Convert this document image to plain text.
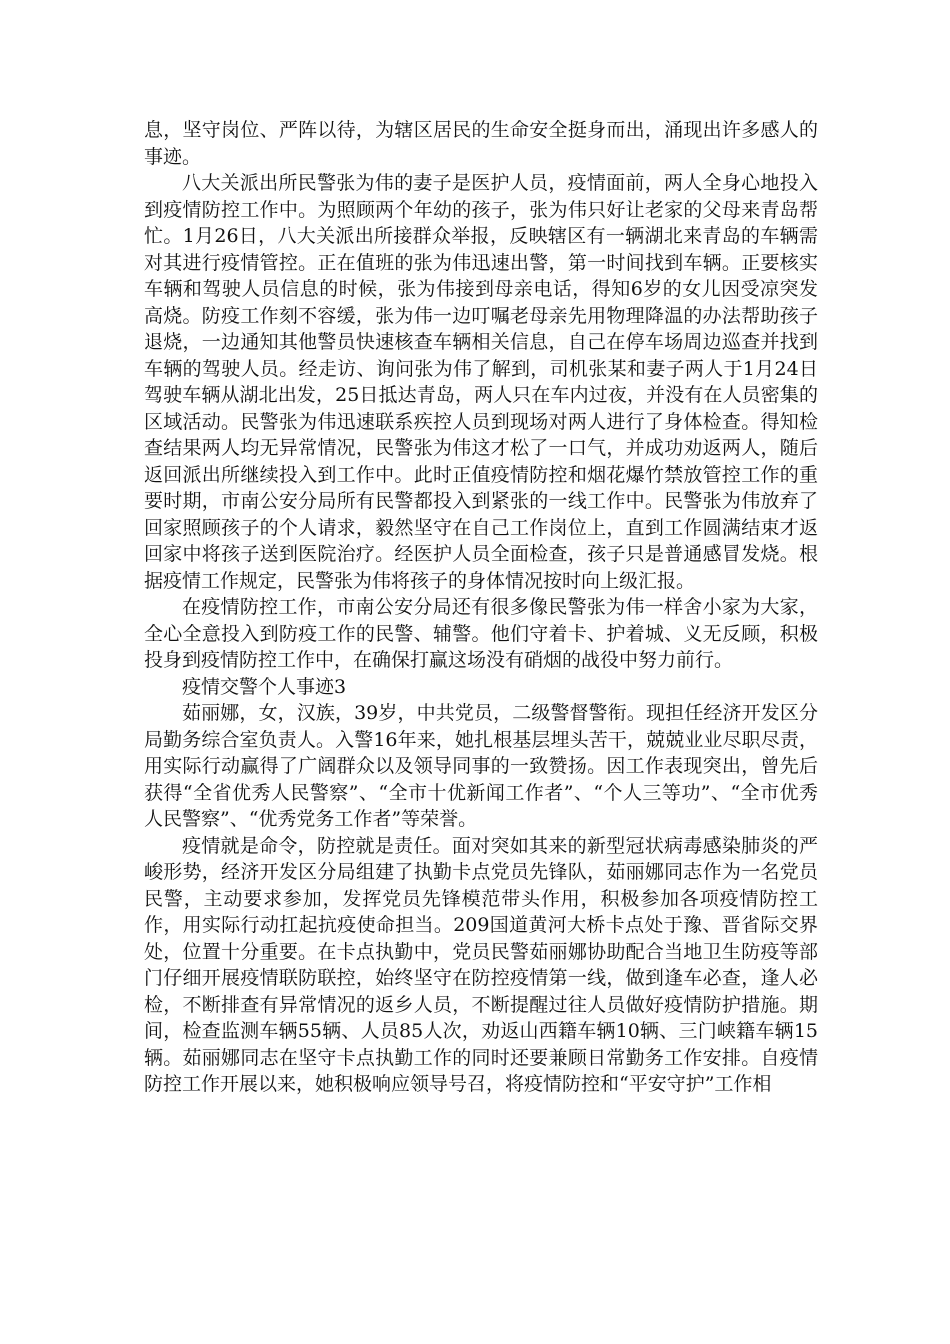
息，坚守岗位、严阵以待，为辖区居民的生命安全挺身而出，涌现出许多感人的事迹。

八大关派出所民警张为伟的妻子是医护人员，疫情面前，两人全身心地投入到疫情防控工作中。为照顾两个年幼的孩子，张为伟只好让老家的父母来青岛帮忙。1月26日，八大关派出所接群众举报，反映辖区有一辆湖北来青岛的车辆需对其进行疫情管控。正在值班的张为伟迅速出警，第一时间找到车辆。正要核实车辆和驾驶人员信息的时候，张为伟接到母亲电话，得知6岁的女儿因受凉突发高烧。防疫工作刻不容缓，张为伟一边叮嘱老母亲先用物理降温的办法帮助孩子退烧，一边通知其他警员快速核查车辆相关信息，自己在停车场周边巡查并找到车辆的驾驶人员。经走访、询问张为伟了解到，司机张某和妻子两人于1月24日驾驶车辆从湖北出发，25日抵达青岛，两人只在车内过夜，并没有在人员密集的区域活动。民警张为伟迅速联系疾控人员到现场对两人进行了身体检查。得知检查结果两人均无异常情况，民警张为伟这才松了一口气，并成功劝返两人，随后返回派出所继续投入到工作中。此时正值疫情防控和烟花爆竹禁放管控工作的重要时期，市南公安分局所有民警都投入到紧张的一线工作中。民警张为伟放弃了回家照顾孩子的个人请求，毅然坚守在自己工作岗位上，直到工作圆满结束才返回家中将孩子送到医院治疗。经医护人员全面检查，孩子只是普通感冒发烧。根据疫情工作规定，民警张为伟将孩子的身体情况按时向上级汇报。

在疫情防控工作，市南公安分局还有很多像民警张为伟一样舍小家为大家，全心全意投入到防疫工作的民警、辅警。他们守着卡、护着城、义无反顾，积极投身到疫情防控工作中，在确保打赢这场没有硝烟的战役中努力前行。

疫情交警个人事迹3

茹丽娜，女，汉族，39岁，中共党员，二级警督警衔。现担任经济开发区分局勤务综合室负责人。入警16年来，她扎根基层埋头苦干，兢兢业业尽职尽责，用实际行动赢得了广阔群众以及领导同事的一致赞扬。因工作表现突出，曾先后获得“全省优秀人民警察”、“全市十优新闻工作者”、“个人三等功”、“全市优秀人民警察”、“优秀党务工作者”等荣誉。

疫情就是命令，防控就是责任。面对突如其来的新型冠状病毒感染肺炎的严峻形势，经济开发区分局组建了执勤卡点党员先锋队，茹丽娜同志作为一名党员民警，主动要求参加，发挥党员先锋模范带头作用，积极参加各项疫情防控工作，用实际行动扛起抗疫使命担当。209国道黄河大桥卡点处于豫、晋省际交界处，位置十分重要。在卡点执勤中，党员民警茹丽娜协助配合当地卫生防疫等部门仔细开展疫情联防联控，始终坚守在防控疫情第一线，做到逢车必查，逢人必检，不断排查有异常情况的返乡人员，不断提醒过往人员做好疫情防护措施。期间，检查监测车辆55辆、人员85人次，劝返山西籍车辆10辆、三门峡籍车辆15辆。茹丽娜同志在坚守卡点执勤工作的同时还要兼顾日常勤务工作安排。自疫情防控工作开展以来，她积极响应领导号召，将疫情防控和“平安守护”工作相
